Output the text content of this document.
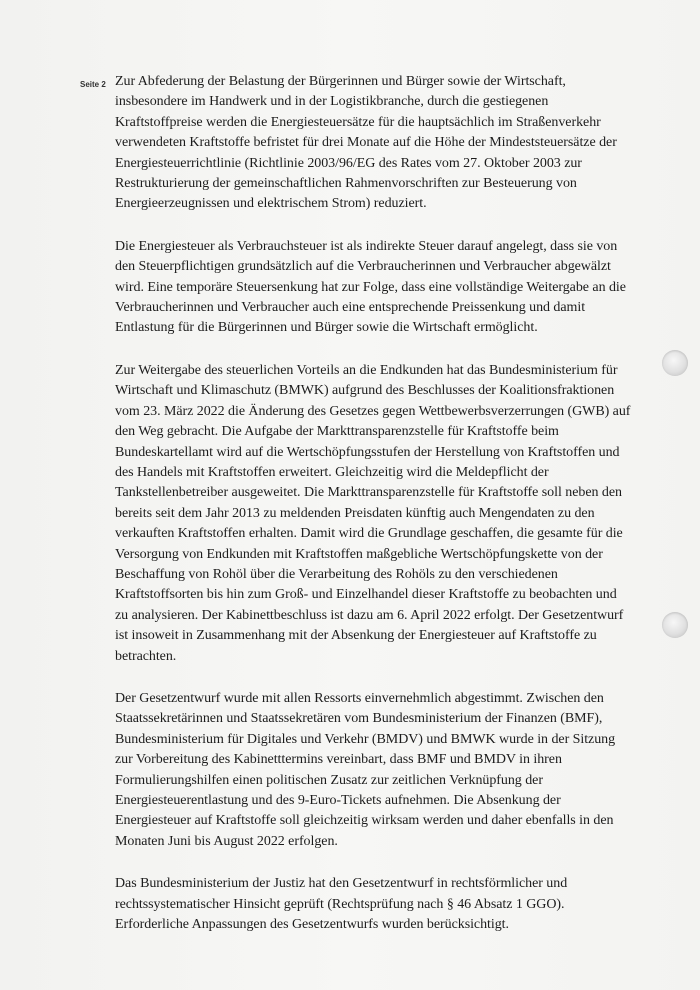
Seite 2 Zur Abfederung der Belastung der Bürgerinnen und Bürger sowie der Wirtschaft, insbesondere im Handwerk und in der Logistikbranche, durch die gestiegenen Kraftstoffpreise werden die Energiesteuersätze für die hauptsächlich im Straßenverkehr verwendeten Kraftstoffe befristet für drei Monate auf die Höhe der Mindeststeuersätze der Energiesteuerrichtlinie (Richtlinie 2003/96/EG des Rates vom 27. Oktober 2003 zur Restrukturierung der gemeinschaftlichen Rahmenvorschriften zur Besteuerung von Energieerzeugnissen und elektrischem Strom) reduziert.

Die Energiesteuer als Verbrauchsteuer ist als indirekte Steuer darauf angelegt, dass sie von den Steuerpflichtigen grundsätzlich auf die Verbraucherinnen und Verbraucher abgewälzt wird. Eine temporäre Steuersenkung hat zur Folge, dass eine vollständige Weitergabe an die Verbraucherinnen und Verbraucher auch eine entsprechende Preissenkung und damit Entlastung für die Bürgerinnen und Bürger sowie die Wirtschaft ermöglicht.

Zur Weitergabe des steuerlichen Vorteils an die Endkunden hat das Bundesministerium für Wirtschaft und Klimaschutz (BMWK) aufgrund des Beschlusses der Koalitionsfraktionen vom 23. März 2022 die Änderung des Gesetzes gegen Wettbewerbsverzerrungen (GWB) auf den Weg gebracht. Die Aufgabe der Markttransparenzstelle für Kraftstoffe beim Bundeskartellamt wird auf die Wertschöpfungsstufen der Herstellung von Kraftstoffen und des Handels mit Kraftstoffen erweitert. Gleichzeitig wird die Meldepflicht der Tankstellenbetreiber ausgeweitet. Die Markttransparenzstelle für Kraftstoffe soll neben den bereits seit dem Jahr 2013 zu meldenden Preisdaten künftig auch Mengendaten zu den verkauften Kraftstoffen erhalten. Damit wird die Grundlage geschaffen, die gesamte für die Versorgung von Endkunden mit Kraftstoffen maßgebliche Wertschöpfungskette von der Beschaffung von Rohöl über die Verarbeitung des Rohöls zu den verschiedenen Kraftstoffsorten bis hin zum Groß- und Einzelhandel dieser Kraftstoffe zu beobachten und zu analysieren. Der Kabinettbeschluss ist dazu am 6. April 2022 erfolgt. Der Gesetzentwurf ist insoweit in Zusammenhang mit der Absenkung der Energiesteuer auf Kraftstoffe zu betrachten.

Der Gesetzentwurf wurde mit allen Ressorts einvernehmlich abgestimmt. Zwischen den Staatssekretärinnen und Staatssekretären vom Bundesministerium der Finanzen (BMF), Bundesministerium für Digitales und Verkehr (BMDV) und BMWK wurde in der Sitzung zur Vorbereitung des Kabinetttermins vereinbart, dass BMF und BMDV in ihren Formulierungshilfen einen politischen Zusatz zur zeitlichen Verknüpfung der Energiesteuerentlastung und des 9-Euro-Tickets aufnehmen. Die Absenkung der Energiesteuer auf Kraftstoffe soll gleichzeitig wirksam werden und daher ebenfalls in den Monaten Juni bis August 2022 erfolgen.

Das Bundesministerium der Justiz hat den Gesetzentwurf in rechtsförmlicher und rechtssystematischer Hinsicht geprüft (Rechtsprüfung nach § 46 Absatz 1 GGO). Erforderliche Anpassungen des Gesetzentwurfs wurden berücksichtigt.
